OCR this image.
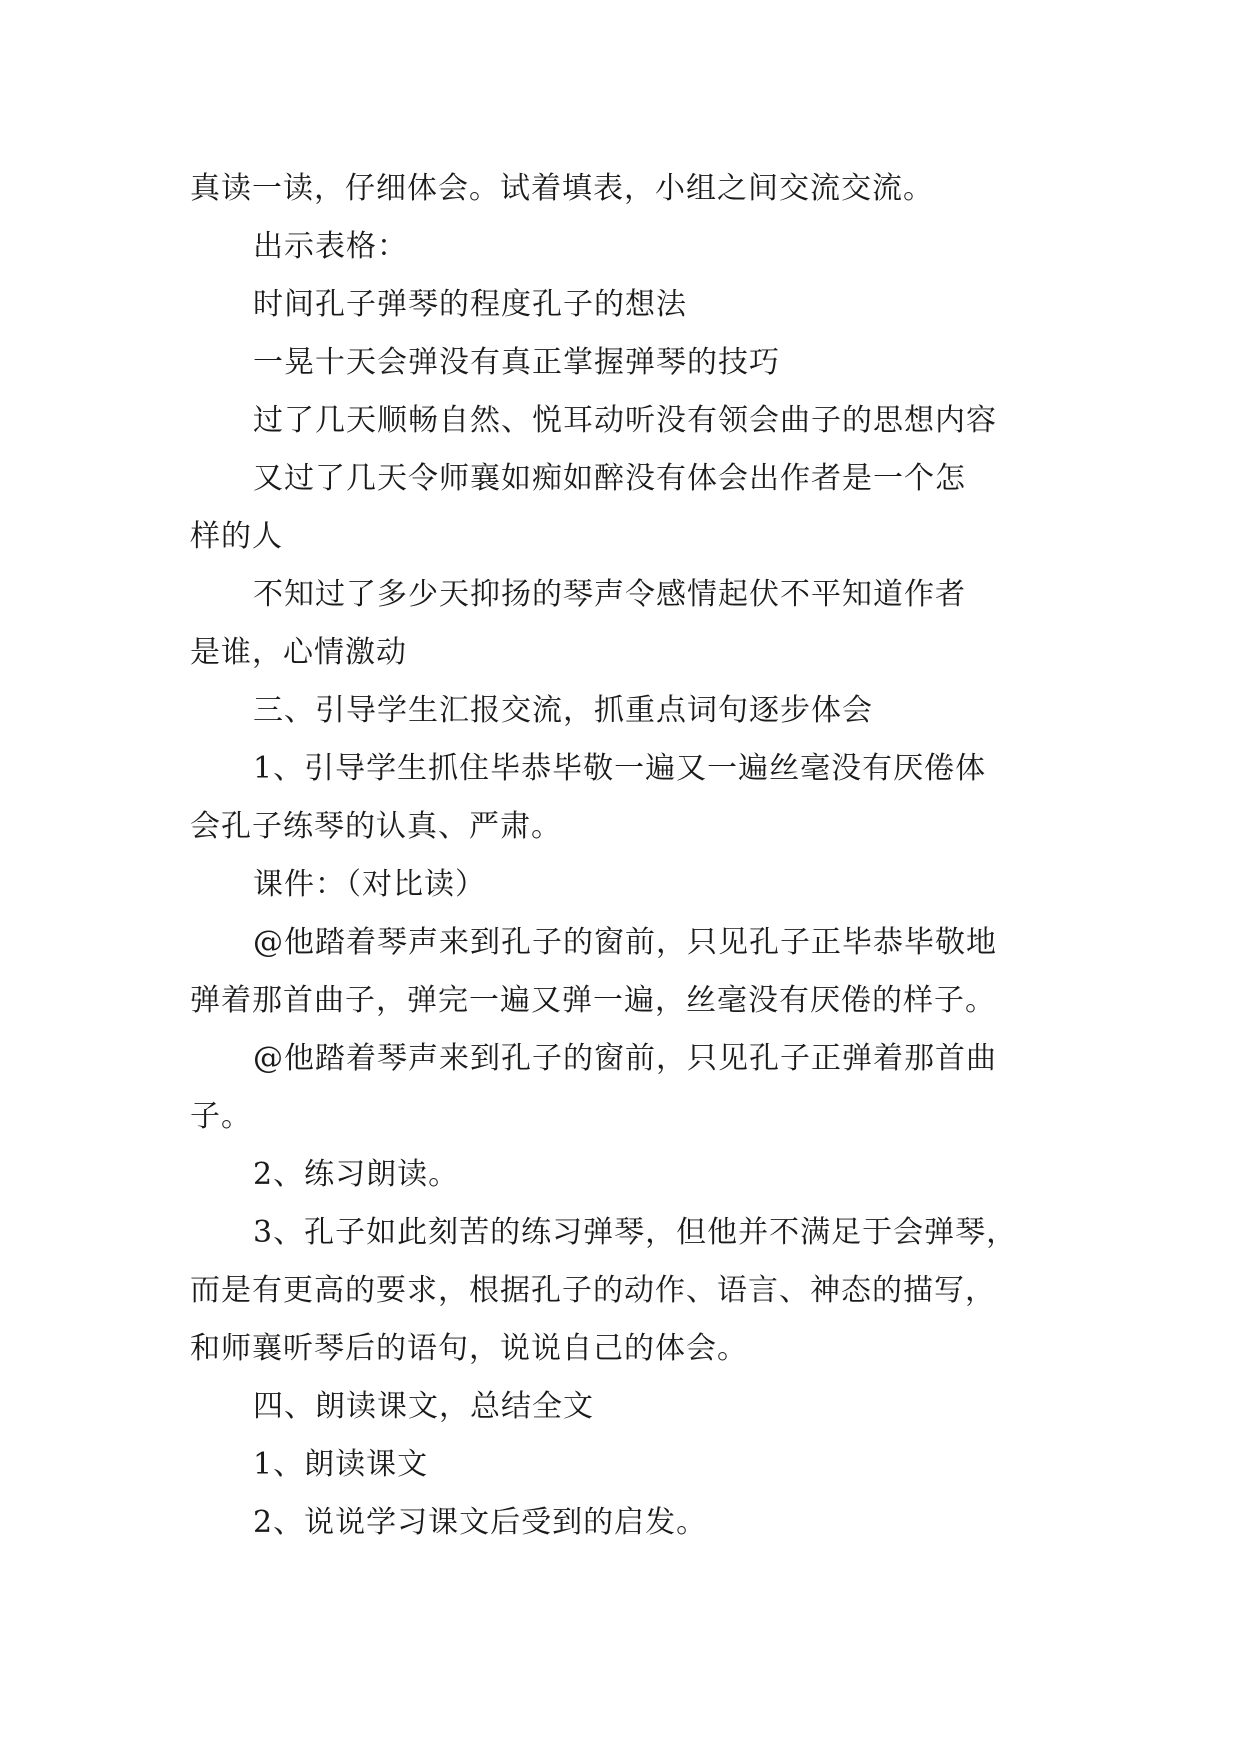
真读一读，仔细体会。试着填表，小组之间交流交流。

出示表格：

时间孔子弹琴的程度孔子的想法

一晃十天会弹没有真正掌握弹琴的技巧

过了几天顺畅自然、悦耳动听没有领会曲子的思想内容

又过了几天令师襄如痴如醉没有体会出作者是一个怎

样的人

不知过了多少天抑扬的琴声令感情起伏不平知道作者

是谁，心情激动

三、引导学生汇报交流，抓重点词句逐步体会

1、引导学生抓住毕恭毕敬一遍又一遍丝毫没有厌倦体

会孔子练琴的认真、严肃。

课件：（对比读）

@他踏着琴声来到孔子的窗前，只见孔子正毕恭毕敬地

弹着那首曲子，弹完一遍又弹一遍，丝毫没有厌倦的样子。

@他踏着琴声来到孔子的窗前，只见孔子正弹着那首曲

子。

2、练习朗读。

3、孔子如此刻苦的练习弹琴，但他并不满足于会弹琴，

而是有更高的要求，根据孔子的动作、语言、神态的描写，

和师襄听琴后的语句，说说自己的体会。

四、朗读课文，总结全文

1、朗读课文

2、说说学习课文后受到的启发。
